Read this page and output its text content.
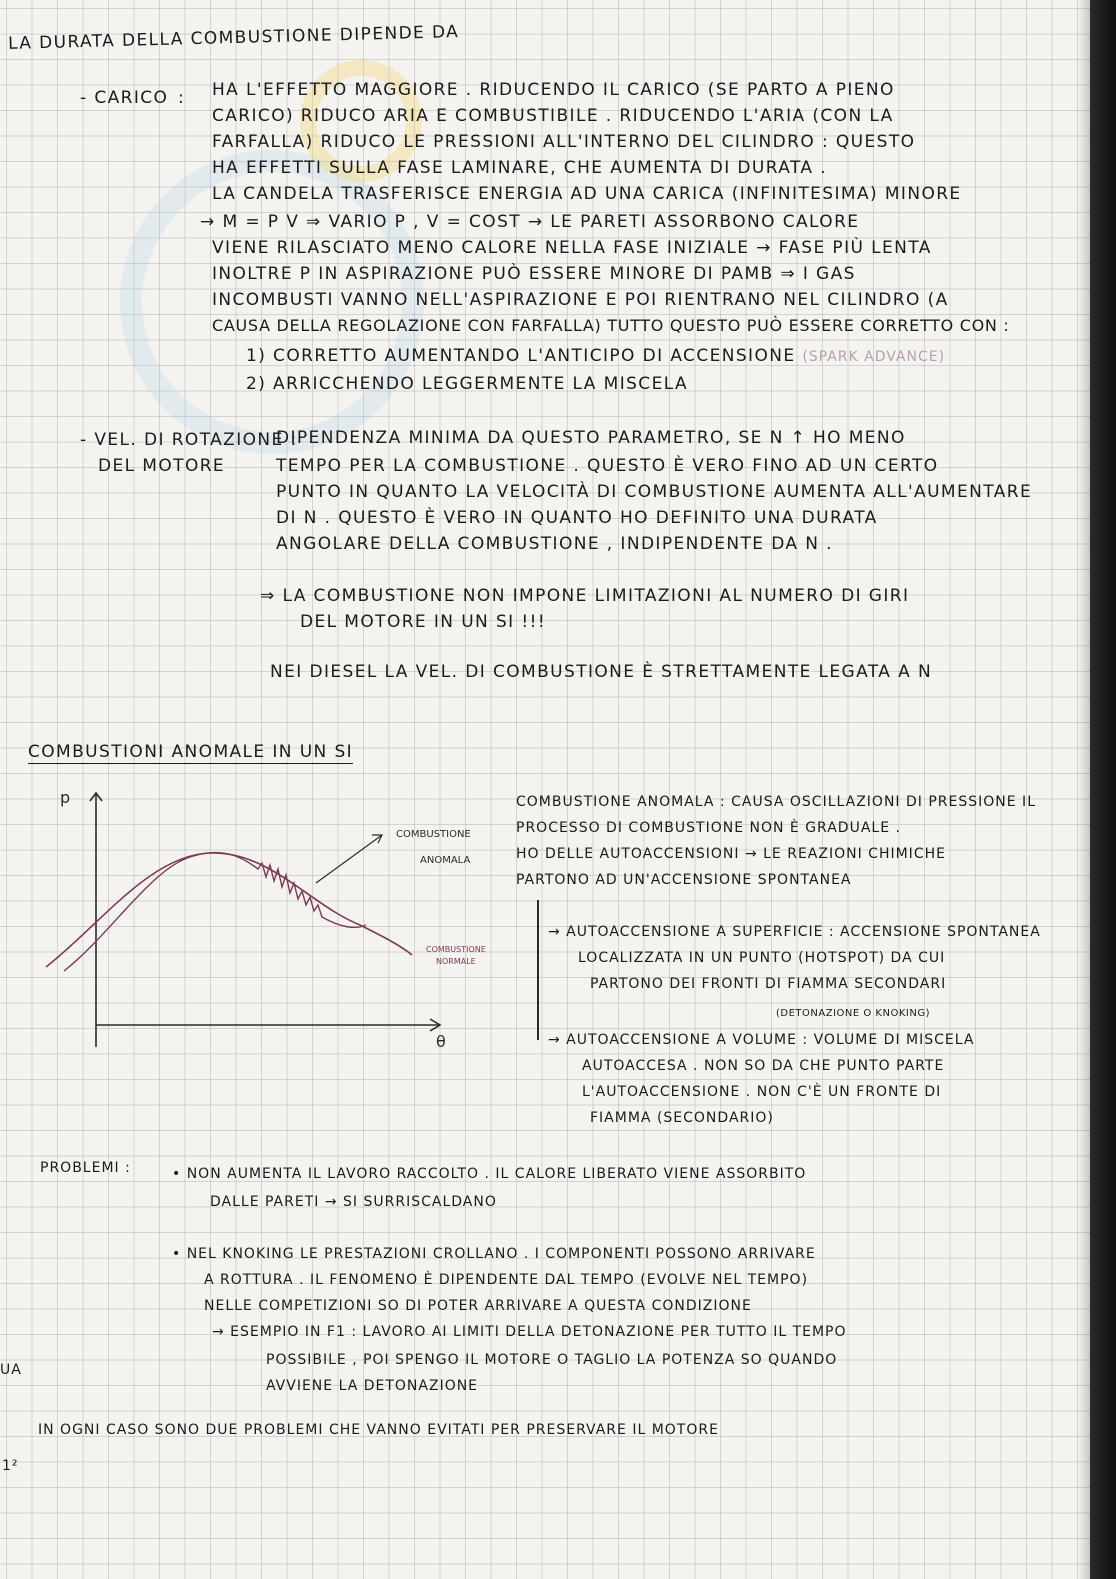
LA DURATA DELLA COMBUSTIONE DIPENDE DA

- CARICO : HA L'EFFETTO MAGGIORE . RIDUCENDO IL CARICO (SE PARTO A PIENO

CARICO) RIDUCO ARIA E COMBUSTIBILE . RIDUCENDO L'ARIA (CON LA

FARFALLA) RIDUCO LE PRESSIONI ALL'INTERNO DEL CILINDRO : QUESTO

HA EFFETTI SULLA FASE LAMINARE, CHE AUMENTA DI DURATA .

LA CANDELA TRASFERISCE ENERGIA AD UNA CARICA (INFINITESIMA) MINORE

→ M = Ρ V ⇒ VARIO Ρ , V = COST → LE PARETI ASSORBONO CALORE

VIENE RILASCIATO MENO CALORE NELLA FASE INIZIALE → FASE PIÙ LENTA

INOLTRE P IN ASPIRAZIONE PUÒ ESSERE MINORE DI PAMB ⇒ I GAS

INCOMBUSTI VANNO NELL'ASPIRAZIONE E POI RIENTRANO NEL CILINDRO (A

CAUSA DELLA REGOLAZIONE CON FARFALLA) TUTTO QUESTO PUÒ ESSERE CORRETTO CON :

1) CORRETTO AUMENTANDO L'ANTICIPO DI ACCENSIONE (SPARK ADVANCE)

2) ARRICCHENDO LEGGERMENTE LA MISCELA

- VEL. DI ROTAZIONE :

DEL MOTORE

DIPENDENZA MINIMA DA QUESTO PARAMETRO, SE N ↑ HO MENO

TEMPO PER LA COMBUSTIONE . QUESTO È VERO FINO AD UN CERTO

PUNTO IN QUANTO LA VELOCITÀ DI COMBUSTIONE AUMENTA ALL'AUMENTARE

DI N . QUESTO È VERO IN QUANTO HO DEFINITO UNA DURATA

ANGOLARE DELLA COMBUSTIONE , INDIPENDENTE DA N .

⇒ LA COMBUSTIONE NON IMPONE LIMITAZIONI AL NUMERO DI GIRI

DEL MOTORE IN UN SI !!!

NEI DIESEL LA VEL. DI COMBUSTIONE È STRETTAMENTE LEGATA A N

COMBUSTIONI ANOMALE IN UN SI

p
θ
COMBUSTIONE
ANOMALA
COMBUSTIONE
NORMALE

COMBUSTIONE ANOMALA : CAUSA OSCILLAZIONI DI PRESSIONE IL

PROCESSO DI COMBUSTIONE NON È GRADUALE .

HO DELLE AUTOACCENSIONI → LE REAZIONI CHIMICHE

PARTONO AD UN'ACCENSIONE SPONTANEA

→ AUTOACCENSIONE A SUPERFICIE : ACCENSIONE SPONTANEA

LOCALIZZATA IN UN PUNTO (HOTSPOT) DA CUI

PARTONO DEI FRONTI DI FIAMMA SECONDARI

(DETONAZIONE O KNOKING)

→ AUTOACCENSIONE A VOLUME : VOLUME DI MISCELA

AUTOACCESA . NON SO DA CHE PUNTO PARTE

L'AUTOACCENSIONE . NON C'È UN FRONTE DI

FIAMMA (SECONDARIO)

PROBLEMI :	• NON AUMENTA IL LAVORO RACCOLTO . IL CALORE LIBERATO VIENE ASSORBITO

DALLE PARETI → SI SURRISCALDANO

• NEL KNOKING LE PRESTAZIONI CROLLANO . I COMPONENTI POSSONO ARRIVARE

A ROTTURA . IL FENOMENO È DIPENDENTE DAL TEMPO (EVOLVE NEL TEMPO)

NELLE COMPETIZIONI SO DI POTER ARRIVARE A QUESTA CONDIZIONE

→ ESEMPIO IN F1 : LAVORO AI LIMITI DELLA DETONAZIONE PER TUTTO IL TEMPO

POSSIBILE , POI SPENGO IL MOTORE O TAGLIO LA POTENZA SO QUANDO

AVVIENE LA DETONAZIONE

IN OGNI CASO SONO DUE PROBLEMI CHE VANNO EVITATI PER PRESERVARE IL MOTORE

UA

1²
